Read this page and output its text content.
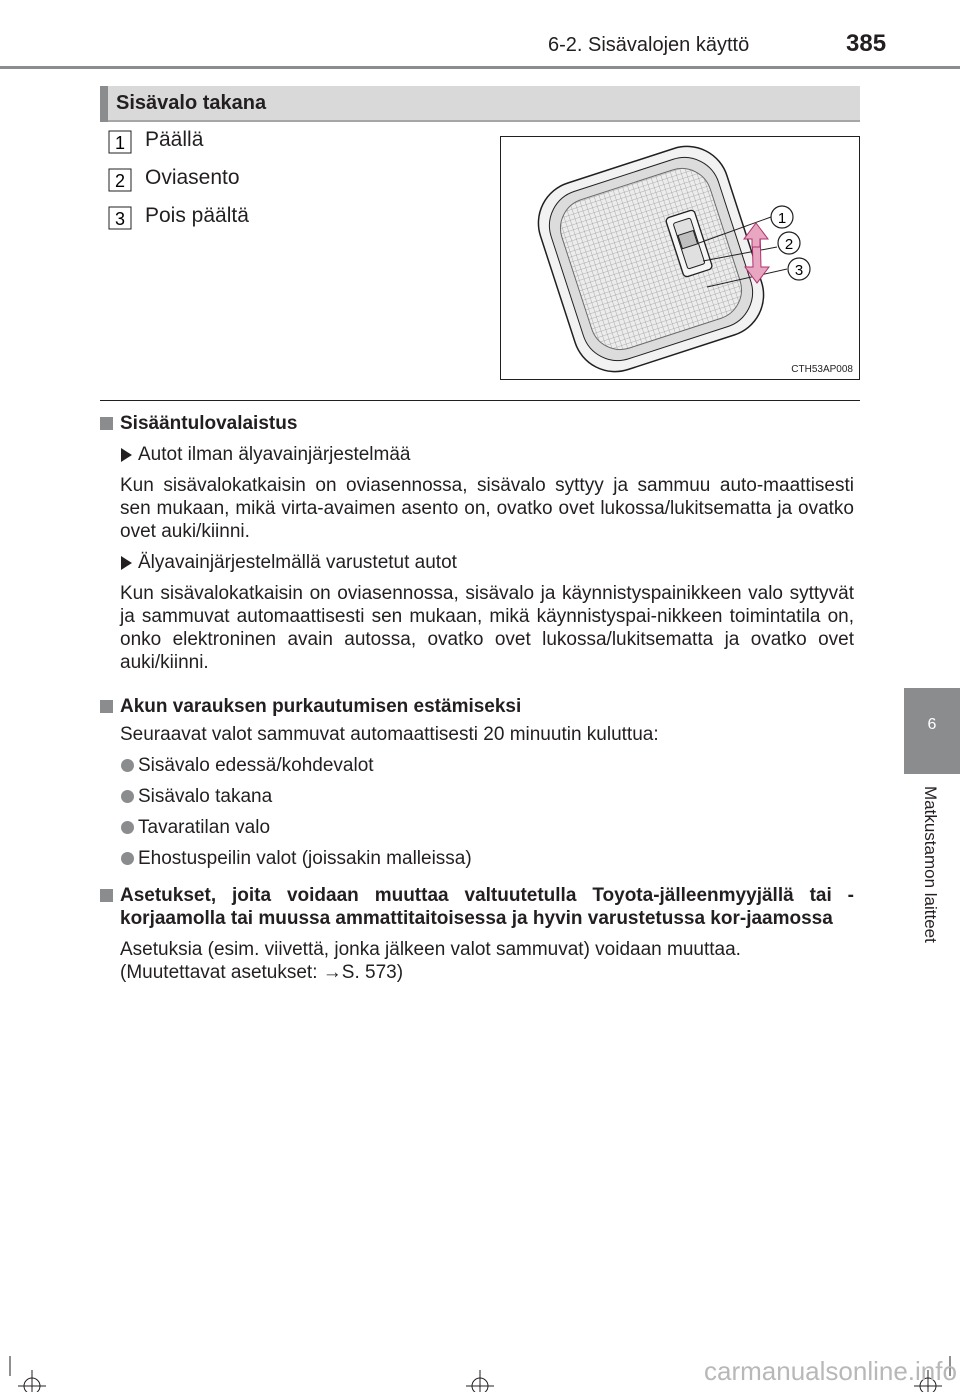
6-2. Sisävalojen käyttö	385
6
Matkustamon laitteet
Sisävalo takana
1 Päällä
2 Oviasento
3 Pois päältä	1
2
3
CTH53AP008
Sisääntulovalaistus
Autot ilman älyavainjärjestelmää
Kun sisävalokatkaisin on oviasennossa, sisävalo syttyy ja sammuu auto-maattisesti sen mukaan, mikä virta-avaimen asento on, ovatko ovet lukossa/lukitsematta ja ovatko ovet auki/kiinni.
Älyavainjärjestelmällä varustetut autot
Kun sisävalokatkaisin on oviasennossa, sisävalo ja käynnistyspainikkeen valo syttyvät ja sammuvat automaattisesti sen mukaan, mikä käynnistyspai-nikkeen toimintatila on, onko elektroninen avain autossa, ovatko ovet lukossa/lukitsematta ja ovatko ovet auki/kiinni.
Akun varauksen purkautumisen estämiseksi
Seuraavat valot sammuvat automaattisesti 20 minuutin kuluttua:
Sisävalo edessä/kohdevalot
Sisävalo takana
Tavaratilan valo
Ehostuspeilin valot (joissakin malleissa)
Asetukset, joita voidaan muuttaa valtuutetulla Toyota-jälleenmyyjällä tai -korjaamolla tai muussa ammattitaitoisessa ja hyvin varustetussa kor-jaamossa
Asetuksia (esim. viivettä, jonka jälkeen valot sammuvat) voidaan muuttaa.
(Muutettavat asetukset: →S. 573)
carmanualsonline.info
